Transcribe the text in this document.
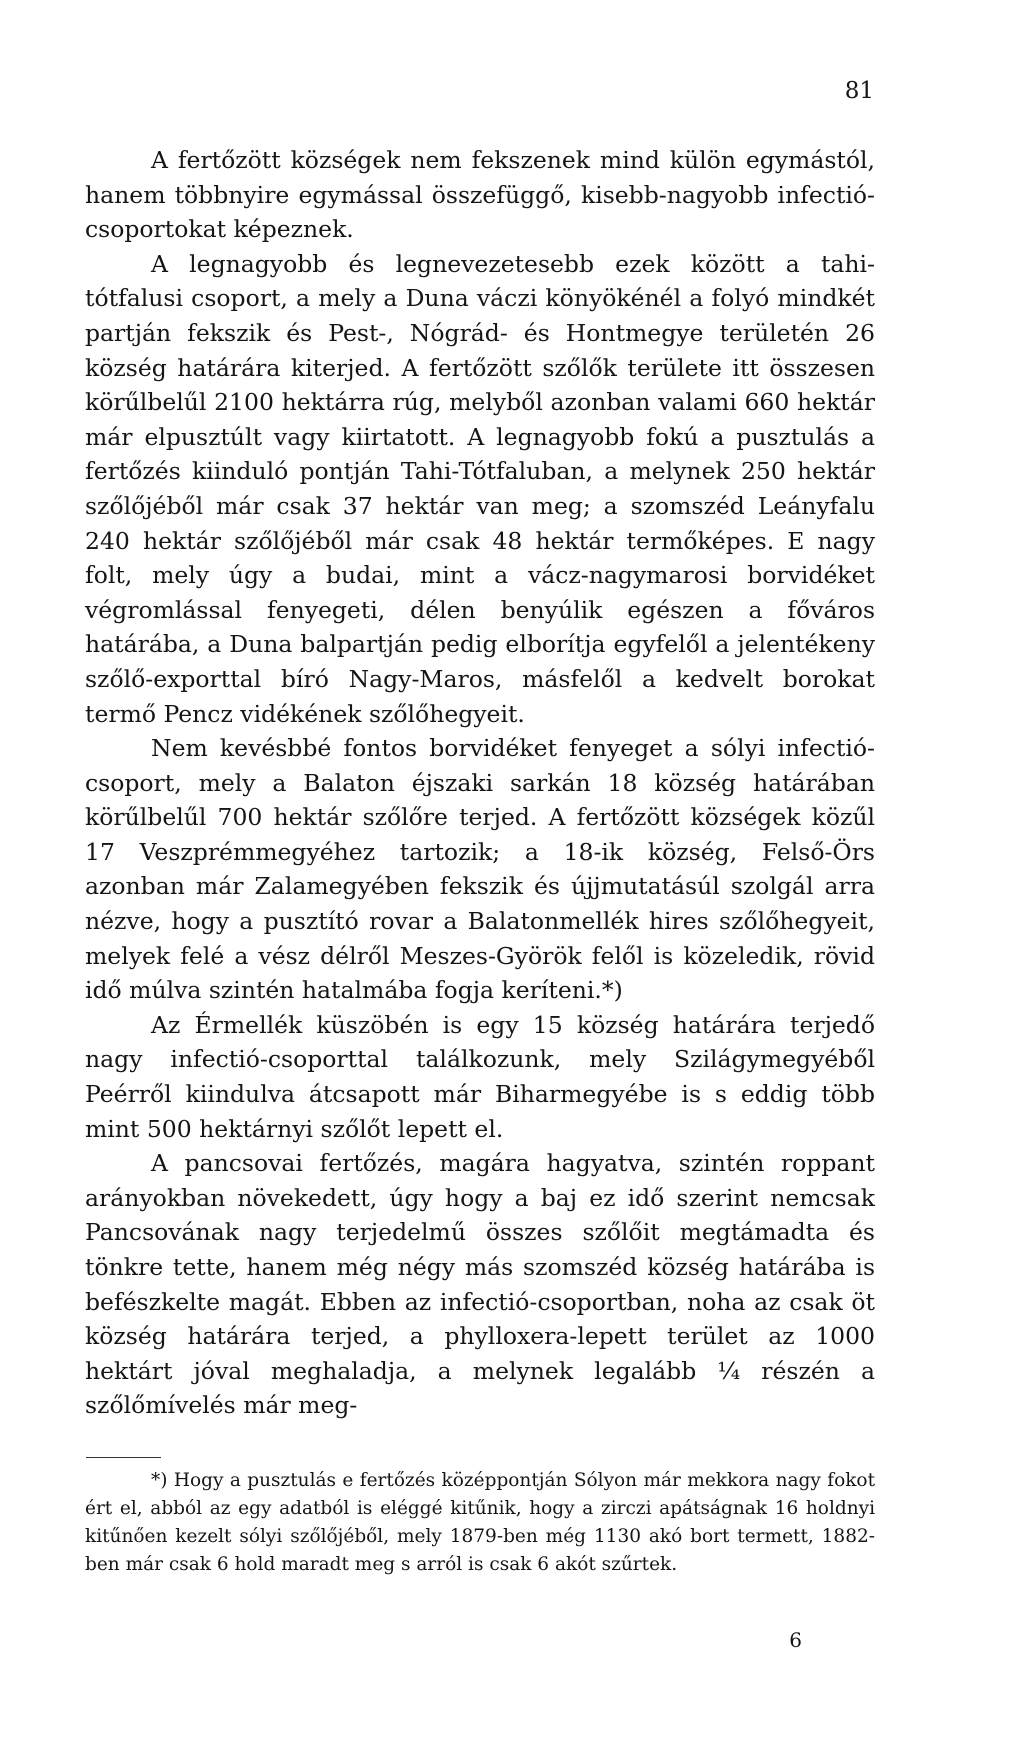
81

A fertőzött községek nem fekszenek mind külön egymástól, hanem többnyire egymással összefüggő, kisebb-nagyobb infectió-csoportokat képeznek.

A legnagyobb és legnevezetesebb ezek között a tahi-tótfalusi csoport, a mely a Duna váczi könyökénél a folyó mindkét partján fekszik és Pest-, Nógrád- és Hontmegye területén 26 község határára kiterjed. A fertőzött szőlők területe itt összesen körűlbelűl 2100 hektárra rúg, melyből azonban valami 660 hektár már elpusztúlt vagy kiirtatott. A legnagyobb fokú a pusztulás a fertőzés kiinduló pontján Tahi-Tótfaluban, a melynek 250 hektár szőlőjéből már csak 37 hektár van meg; a szomszéd Leányfalu 240 hektár szőlőjéből már csak 48 hektár termőképes. E nagy folt, mely úgy a budai, mint a vácz-nagymarosi borvidéket végromlással fenyegeti, délen benyúlik egészen a főváros határába, a Duna balpartján pedig elborítja egyfelől a jelentékeny szőlő-exporttal bíró Nagy-Maros, másfelől a kedvelt borokat termő Pencz vidékének szőlőhegyeit.

Nem kevésbbé fontos borvidéket fenyeget a sólyi infectió-csoport, mely a Balaton éjszaki sarkán 18 község határában körűlbelűl 700 hektár szőlőre terjed. A fertőzött községek közűl 17 Veszprémmegyéhez tartozik; a 18-ik község, Felső-Örs azonban már Zalamegyében fekszik és újjmutatásúl szolgál arra nézve, hogy a pusztító rovar a Balatonmellék hires szőlőhegyeit, melyek felé a vész délről Meszes-Györök felől is közeledik, rövid idő múlva szintén hatalmába fogja keríteni.*)

Az Érmellék küszöbén is egy 15 község határára terjedő nagy infectió-csoporttal találkozunk, mely Szilágymegyéből Peérről kiindulva átcsapott már Biharmegyébe is s eddig több mint 500 hektárnyi szőlőt lepett el.

A pancsovai fertőzés, magára hagyatva, szintén roppant arányokban növekedett, úgy hogy a baj ez idő szerint nemcsak Pancsovának nagy terjedelmű összes szőlőit megtámadta és tönkre tette, hanem még négy más szomszéd község határába is befészkelte magát. Ebben az infectió-csoportban, noha az csak öt község határára terjed, a phylloxera-lepett terület az 1000 hektárt jóval meghaladja, a melynek legalább ¼ részén a szőlőmívelés már meg-

*) Hogy a pusztulás e fertőzés középpontján Sólyon már mekkora nagy fokot ért el, abból az egy adatból is eléggé kitűnik, hogy a zirczi apátságnak 16 holdnyi kitűnően kezelt sólyi szőlőjéből, mely 1879-ben még 1130 akó bort termett, 1882-ben már csak 6 hold maradt meg s arról is csak 6 akót szűrtek.

6
